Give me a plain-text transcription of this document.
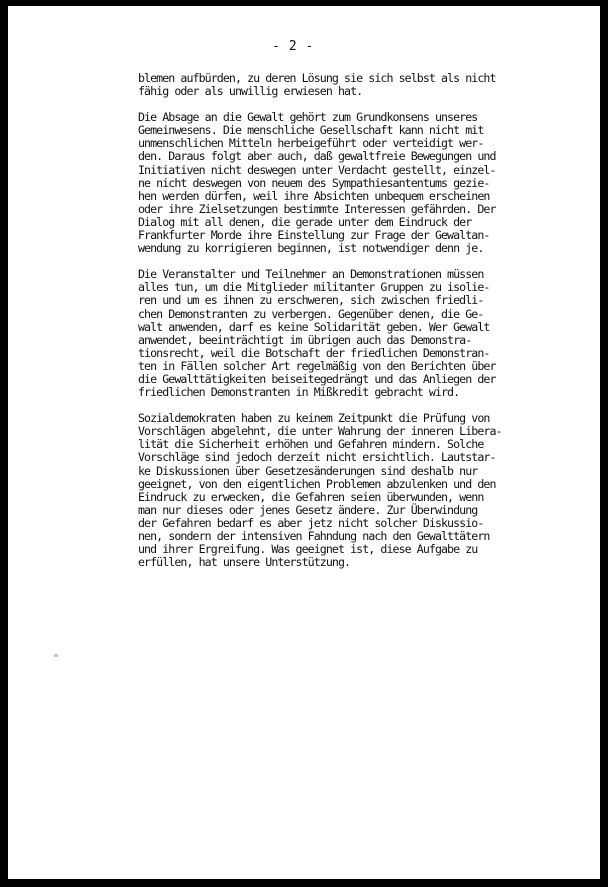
- 2 -
blemen aufbürden, zu deren Lösung sie sich selbst als nicht
fähig oder als unwillig erwiesen hat.
Die Absage an die Gewalt gehört zum Grundkonsens unseres
Gemeinwesens. Die menschliche Gesellschaft kann nicht mit
unmenschlichen Mitteln herbeigeführt oder verteidigt wer-
den. Daraus folgt aber auch, daß gewaltfreie Bewegungen und
Initiativen nicht deswegen unter Verdacht gestellt, einzel-
ne nicht deswegen von neuem des Sympathiesantentums gezie-
hen werden dürfen, weil ihre Absichten unbequem erscheinen
oder ihre Zielsetzungen bestimmte Interessen gefährden. Der
Dialog mit all denen, die gerade unter dem Eindruck der
Frankfurter Morde ihre Einstellung zur Frage der Gewaltan-
wendung zu korrigieren beginnen, ist notwendiger denn je.
Die Veranstalter und Teilnehmer an Demonstrationen müssen
alles tun, um die Mitglieder militanter Gruppen zu isolie-
ren und um es ihnen zu erschweren, sich zwischen friedli-
chen Demonstranten zu verbergen. Gegenüber denen, die Ge-
walt anwenden, darf es keine Solidarität geben. Wer Gewalt
anwendet, beeinträchtigt im übrigen auch das Demonstra-
tionsrecht, weil die Botschaft der friedlichen Demonstran-
ten in Fällen solcher Art regelmäßig von den Berichten über
die Gewalttätigkeiten beiseitegedrängt und das Anliegen der
friedlichen Demonstranten in Mißkredit gebracht wird.
Sozialdemokraten haben zu keinem Zeitpunkt die Prüfung von
Vorschlägen abgelehnt, die unter Wahrung der inneren Libera-
lität die Sicherheit erhöhen und Gefahren mindern. Solche
Vorschläge sind jedoch derzeit nicht ersichtlich. Lautstar-
ke Diskussionen über Gesetzesänderungen sind deshalb nur
geeignet, von den eigentlichen Problemen abzulenken und den
Eindruck zu erwecken, die Gefahren seien überwunden, wenn
man nur dieses oder jenes Gesetz ändere. Zur Überwindung
der Gefahren bedarf es aber jetz nicht solcher Diskussio-
nen, sondern der intensiven Fahndung nach den Gewalttätern
und ihrer Ergreifung. Was geeignet ist, diese Aufgabe zu
erfüllen, hat unsere Unterstützung.
